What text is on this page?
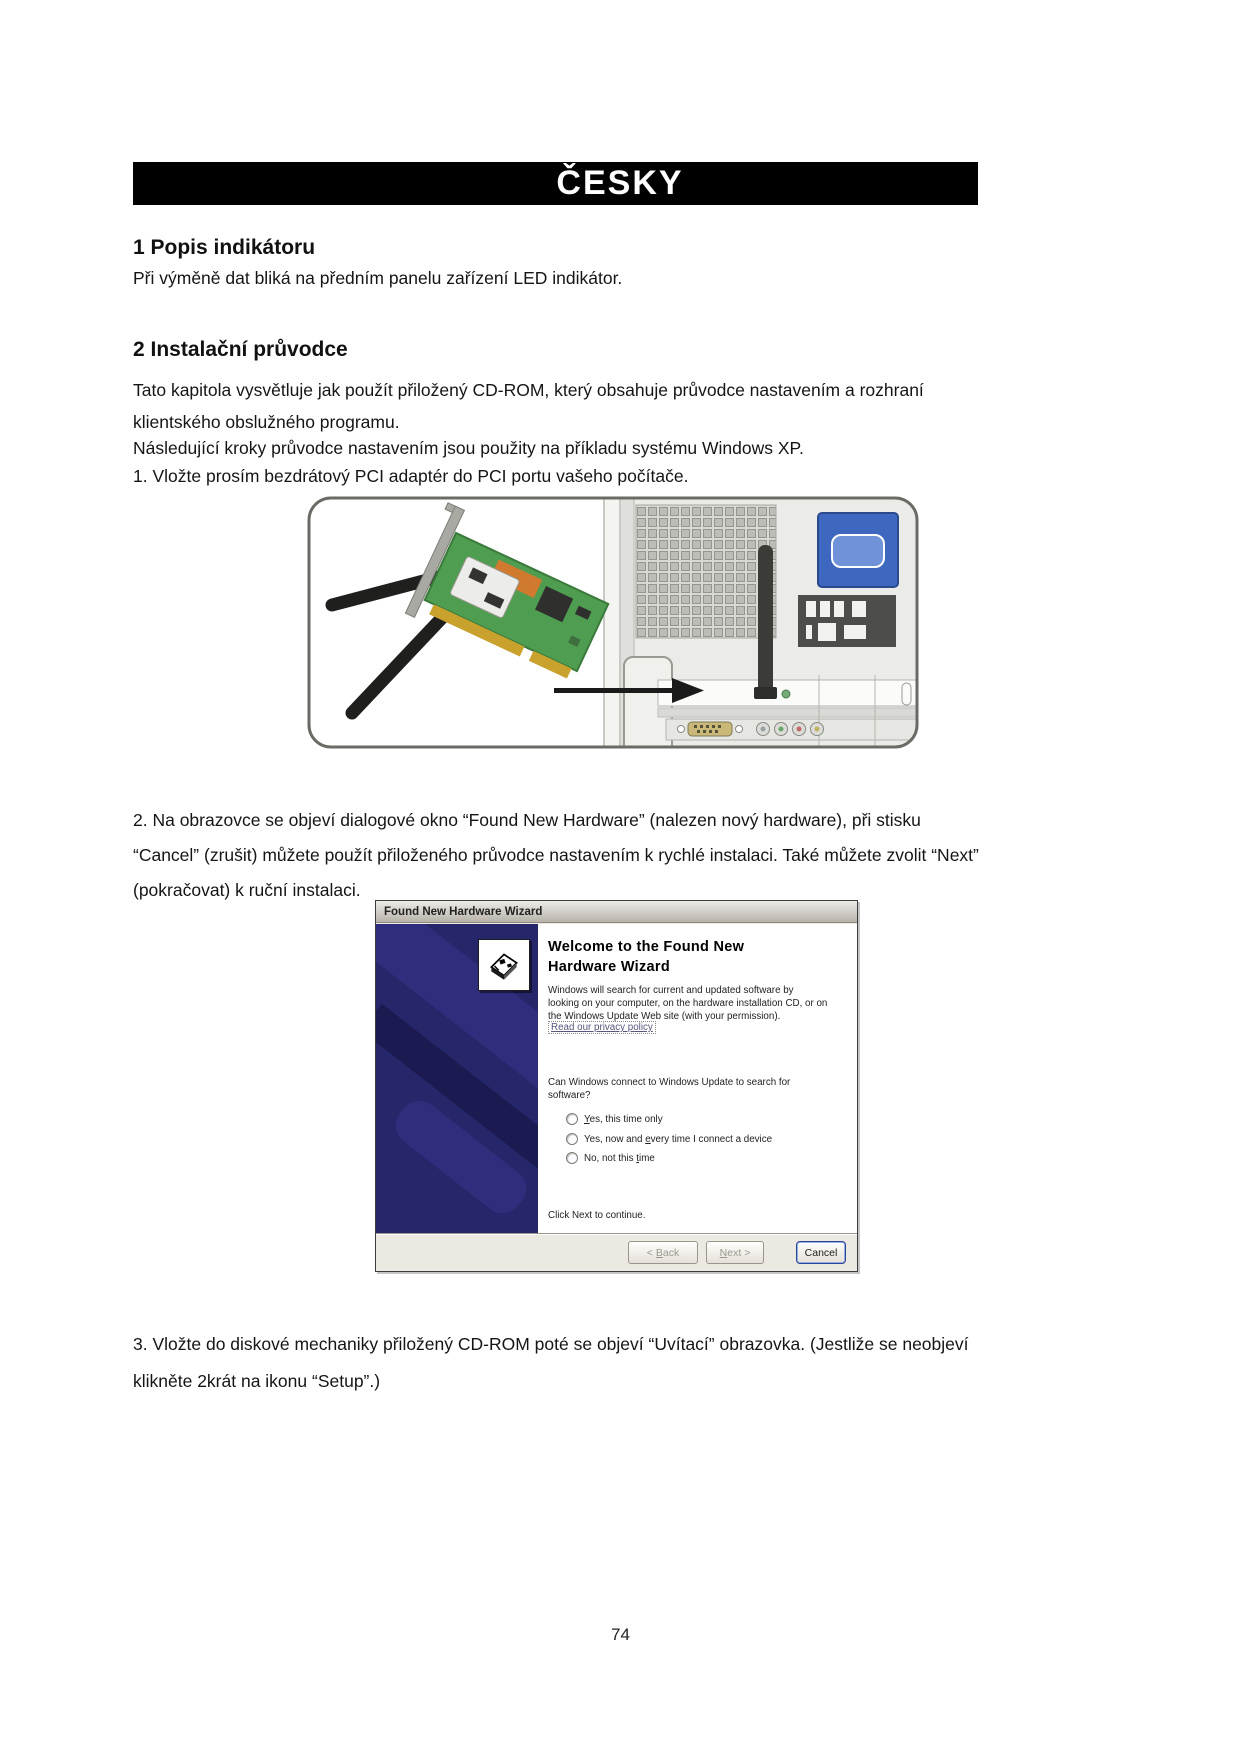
ČESKY
1 Popis indikátoru
Při výměně dat bliká na předním panelu zařízení LED indikátor.
2 Instalační průvodce
Tato kapitola vysvětluje jak použít přiložený CD-ROM, který obsahuje průvodce nastavením a rozhraní
klientského obslužného programu.
Následující kroky průvodce nastavením jsou použity na příkladu systému Windows XP.
1. Vložte prosím bezdrátový PCI adaptér do PCI portu vašeho počítače.
2. Na obrazovce se objeví dialogové okno “Found New Hardware” (nalezen nový hardware), při stisku
“Cancel” (zrušit) můžete použít přiloženého průvodce nastavením k rychlé instalaci. Také můžete zvolit “Next”
(pokračovat) k ruční instalaci.
Found New Hardware Wizard
Welcome to the Found New
Hardware Wizard
Windows will search for current and updated software by
looking on your computer, on the hardware installation CD, or on
the Windows Update Web site (with your permission).
Read our privacy policy
Can Windows connect to Windows Update to search for
software?
Yes, this time only
Yes, now and every time I connect a device
No, not this time
Click Next to continue.
< Back	Next >	Cancel
3. Vložte do diskové mechaniky přiložený CD-ROM poté se objeví “Uvítací” obrazovka. (Jestliže se neobjeví
klikněte 2krát na ikonu “Setup”.)
74
